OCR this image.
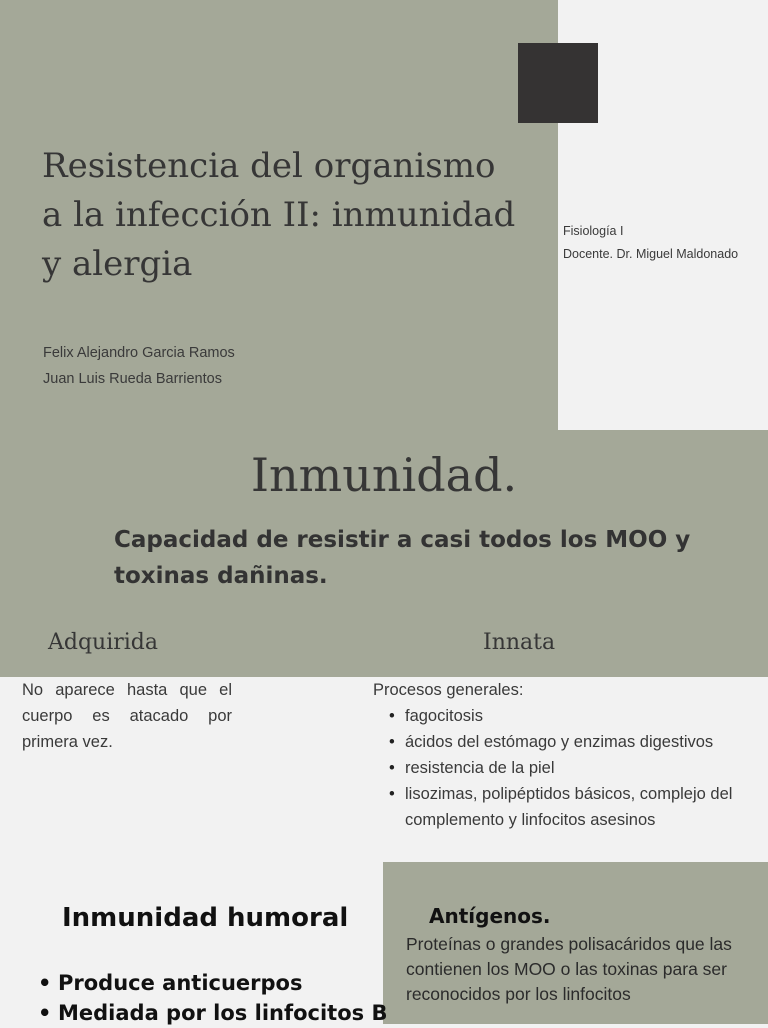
Resistencia del organismo a la infección II: inmunidad y alergia
Felix Alejandro Garcia Ramos
Juan Luis Rueda Barrientos
Fisiología I
Docente. Dr. Miguel Maldonado
Inmunidad.

Capacidad de resistir a casi todos los MOO y toxinas dañinas.

Adquirida	Innata

No aparece hasta que el cuerpo es atacado por primera vez.

Procesos generales:
• fagocitosis
• ácidos del estómago y enzimas digestivos
• resistencia de la piel
• lisozimas, polipéptidos básicos, complejo del complemento y linfocitos asesinos
Antígenos.

Proteínas o grandes polisacáridos que las contienen los MOO o las toxinas para ser reconocidos por los linfocitos

Inmunidad humoral
• Produce anticuerpos
• Mediada por los linfocitos B
